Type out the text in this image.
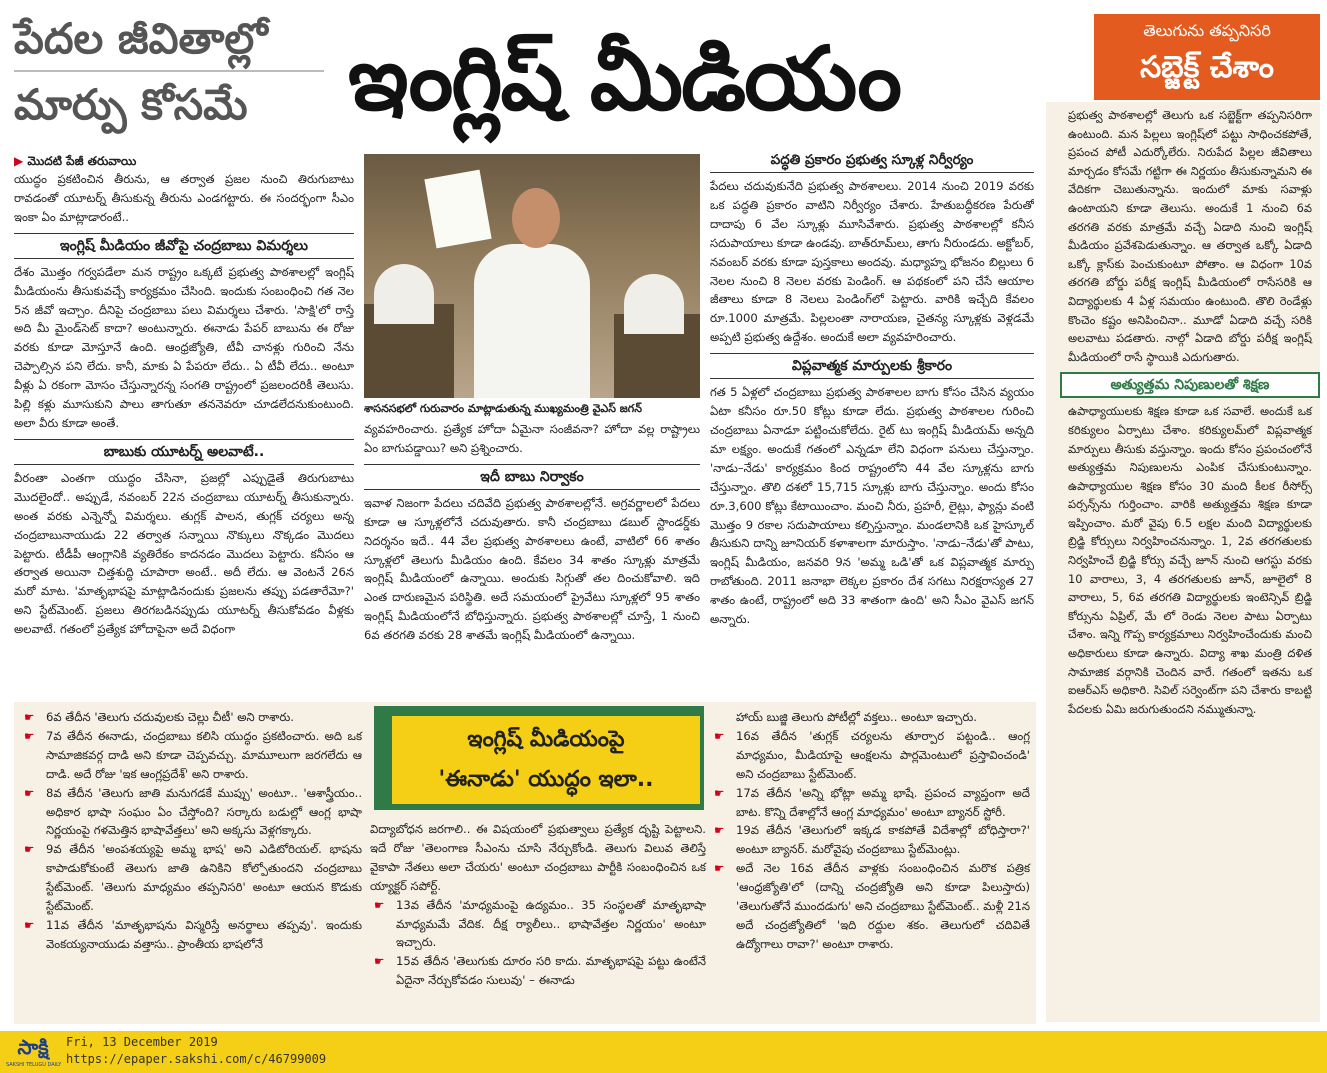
పేదల జీవితాల్లో
మార్పు కోసమే	ఇంగ్లిష్ మీడియం	తెలుగును తప్పనిసరి
సబ్జెక్ట్ చేశాం
▶ మొదటి పేజీ తరువాయి

యుద్ధం ప్రకటించిన తీరును, ఆ తర్వాత ప్రజల నుంచి తిరుగుబాటు రావడంతో యూటర్న్ తీసుకున్న తీరును ఎండగట్టారు. ఈ సందర్భంగా సీఎం ఇంకా ఏం మాట్లాడారంటే..

ఇంగ్లిష్ మీడియం జీవోపై చంద్రబాబు విమర్శలు

దేశం మొత్తం గర్వపడేలా మన రాష్ట్రం ఒక్కటే ప్రభుత్వ పాఠశాలల్లో ఇంగ్లిష్ మీడియంను తీసుకువచ్చే కార్యక్రమం చేసింది. ఇందుకు సంబంధించి గత నెల 5న జీవో ఇచ్చాం. దీనిపై చంద్రబాబు పలు విమర్శలు చేశారు. 'సాక్షి'లో రాస్తే అది మీ మైండ్‌సెట్ కాదా? అంటున్నారు. ఈనాడు పేపర్ బాబును ఈ రోజు వరకు కూడా మోస్తూనే ఉంది. ఆంధ్రజ్యోతి, టీవీ చానళ్లు గురించి నేను చెప్పాల్సిన పని లేదు. కానీ, మాకు ఏ పేపరూ లేదు.. ఏ టీవీ లేదు.. అంటూ వీళ్లు ఏ రకంగా మోసం చేస్తున్నారన్న సంగతి రాష్ట్రంలో ప్రజలందరికీ తెలుసు. పిల్లి కళ్లు మూసుకుని పాలు తాగుతూ తననెవరూ చూడలేదనుకుంటుంది. అలా వీరు కూడా అంతే.

బాబుకు యూటర్న్ అలవాటే..

వీరంతా ఎంతగా యుద్ధం చేసినా, ప్రజల్లో ఎప్పుడైతే తిరుగుబాటు మొదలైందో.. అప్పుడే, నవంబర్ 22న చంద్రబాబు యూటర్న్ తీసుకున్నారు. అంత వరకు ఎన్నెన్నో విమర్శలు. తుగ్లక్ పాలన, తుగ్లక్ చర్యలు అన్న చంద్రబాబునాయుడు 22 తర్వాత సన్నాయి నొక్కులు నొక్కడం మొదలు పెట్టారు. టీడీపీ ఆంగ్లానికి వ్యతిరేకం కాదనడం మొదలు పెట్టారు. కనీసం ఆ తర్వాత అయినా చిత్తశుద్ధి చూపారా అంటే.. అదీ లేదు. ఆ వెంటనే 26న మరో మాట. 'మాతృభాషపై మాట్లాడినందుకు ప్రజలను తప్పు పడతారేమో?' అని స్టేట్‌మెంట్. ప్రజలు తిరగబడినప్పుడు యూటర్న్ తీసుకోవడం వీళ్లకు అలవాటే. గతంలో ప్రత్యేక హోదాపైనా అదే విధంగా

శాసనసభలో గురువారం మాట్లాడుతున్న ముఖ్యమంత్రి వైఎస్ జగన్

వ్యవహరించారు. ప్రత్యేక హోదా ఏమైనా సంజీవనా? హోదా వల్ల రాష్ట్రాలు ఏం బాగుపడ్డాయి? అని ప్రశ్నించారు.

ఇదీ బాబు నిర్వాకం

ఇవాళ నిజంగా పేదలు చదివేది ప్రభుత్వ పాఠశాలల్లోనే. అగ్రవర్ణాలలో పేదలు కూడా ఆ స్కూళ్లలోనే చదువుతారు. కానీ చంద్రబాబు డబుల్ స్టాండర్డ్‌కు నిదర్శనం ఇదే.. 44 వేల ప్రభుత్వ పాఠశాలలు ఉంటే, వాటిలో 66 శాతం స్కూళ్లలో తెలుగు మీడియం ఉంది. కేవలం 34 శాతం స్కూళ్లు మాత్రమే ఇంగ్లిష్ మీడియంలో ఉన్నాయి. అందుకు సిగ్గుతో తల దించుకోవాలి. ఇది ఎంత దారుణమైన పరిస్థితి. అదే సమయంలో ప్రైవేటు స్కూళ్లలో 95 శాతం ఇంగ్లిష్ మీడియంలోనే బోధిస్తున్నారు. ప్రభుత్వ పాఠశాలల్లో చూస్తే, 1 నుంచి 6వ తరగతి వరకు 28 శాతమే ఇంగ్లిష్ మీడియంలో ఉన్నాయి.

పద్ధతి ప్రకారం ప్రభుత్వ స్కూళ్ల నిర్వీర్యం

పేదలు చదువుకునేది ప్రభుత్వ పాఠశాలలు. 2014 నుంచి 2019 వరకు ఒక పద్ధతి ప్రకారం వాటిని నిర్వీర్యం చేశారు. హేతుబద్ధీకరణ పేరుతో దాదాపు 6 వేల స్కూళ్లు మూసివేశారు. ప్రభుత్వ పాఠశాలల్లో కనీస సదుపాయాలు కూడా ఉండవు. బాత్‌రూమ్‌లు, తాగు నీరుండదు. అక్టోబర్, నవంబర్ వరకు కూడా పుస్తకాలు అందవు. మధ్యాహ్న భోజనం బిల్లులు 6 నెలల నుంచి 8 నెలల వరకు పెండింగ్. ఆ పథకంలో పని చేసే ఆయాల జీతాలు కూడా 8 నెలలు పెండింగ్‌లో పెట్టారు. వారికి ఇచ్చేది కేవలం రూ.1000 మాత్రమే. పిల్లలంతా నారాయణ, చైతన్య స్కూళ్లకు వెళ్లడమే అప్పటి ప్రభుత్వ ఉద్దేశం. అందుకే అలా వ్యవహరించారు.

విప్లవాత్మక మార్పులకు శ్రీకారం

గత 5 ఏళ్లలో చంద్రబాబు ప్రభుత్వ పాఠశాలల బాగు కోసం చేసిన వ్యయం ఏటా కనీసం రూ.50 కోట్లు కూడా లేదు. ప్రభుత్వ పాఠశాలల గురించి చంద్రబాబు ఏనాడూ పట్టించుకోలేదు. రైట్ టు ఇంగ్లిష్ మీడియమ్ అన్నది మా లక్ష్యం. అందుకే గతంలో ఎన్నడూ లేని విధంగా పనులు చేస్తున్నాం. 'నాడు–నేడు' కార్యక్రమం కింద రాష్ట్రంలోని 44 వేల స్కూళ్లను బాగు చేస్తున్నాం. తొలి దశలో 15,715 స్కూళ్లు బాగు చేస్తున్నాం. అందు కోసం రూ.3,600 కోట్లు కేటాయించాం. మంచి నీరు, ప్రహరీ, లైట్లు, ఫ్యాన్లు వంటి మొత్తం 9 రకాల సదుపాయాలు కల్పిస్తున్నాం. మండలానికి ఒక హైస్కూల్ తీసుకుని దాన్ని జూనియర్ కళాశాలగా మారుస్తాం. 'నాడు–నేడు'తో పాటు, ఇంగ్లిష్ మీడియం, జనవరి 9న 'అమ్మ ఒడి'తో ఒక విప్లవాత్మక మార్పు రాబోతుంది. 2011 జనాభా లెక్కల ప్రకారం దేశ సగటు నిరక్షరాస్యత 27 శాతం ఉంటే, రాష్ట్రంలో అది 33 శాతంగా ఉంది' అని సీఎం వైఎస్ జగన్ అన్నారు.

ప్రభుత్వ పాఠశాలల్లో తెలుగు ఒక సబ్జెక్ట్‌గా తప్పనిసరిగా ఉంటుంది. మన పిల్లలు ఇంగ్లిష్‌లో పట్టు సాధించకపోతే, ప్రపంచ పోటీ ఎదుర్కోలేరు. నిరుపేద పిల్లల జీవితాలు మార్చడం కోసమే గట్టిగా ఈ నిర్ణయం తీసుకున్నామని ఈ వేదికగా చెబుతున్నాను. ఇందులో మాకు సవాళ్లు ఉంటాయని కూడా తెలుసు. అందుకే 1 నుంచి 6వ తరగతి వరకు మాత్రమే వచ్చే ఏడాది నుంచి ఇంగ్లిష్ మీడియం ప్రవేశపెడుతున్నాం. ఆ తర్వాత ఒక్కో ఏడాది ఒక్కో క్లాస్‌కు పెంచుకుంటూ పోతాం. ఆ విధంగా 10వ తరగతి బోర్డు పరీక్ష ఇంగ్లిష్ మీడియంలో రాసేసరికి ఆ విద్యార్థులకు 4 ఏళ్ల సమయం ఉంటుంది. తొలి రెండేళ్లు కొంచెం కష్టం అనిపించినా.. మూడో ఏడాది వచ్చే సరికి అలవాటు పడతారు. నాల్గో ఏడాది బోర్డు పరీక్ష ఇంగ్లిష్ మీడియంలో రాసే స్థాయికి ఎదుగుతారు.

అత్యుత్తమ నిపుణులతో శిక్షణ

ఉపాధ్యాయులకు శిక్షణ కూడా ఒక సవాలే. అందుకే ఒక కరిక్యులం ఏర్పాటు చేశాం. కరిక్యులమ్‌లో విప్లవాత్మక మార్పులు తీసుకు వస్తున్నాం. ఇందు కోసం ప్రపంచంలోనే అత్యుత్తమ నిపుణులను ఎంపిక చేసుకుంటున్నాం. ఉపాధ్యాయుల శిక్షణ కోసం 30 మంది కీలక రీసోర్స్ పర్సన్స్‌ను గుర్తించాం. వారికి అత్యుత్తమ శిక్షణ కూడా ఇప్పించాం. మరో వైపు 6.5 లక్షల మంది విద్యార్థులకు బ్రిడ్జి కోర్సులు నిర్వహించనున్నాం. 1, 2వ తరగతులకు నిర్వహించే బ్రిడ్జి కోర్సు వచ్చే జూన్ నుంచి ఆగస్టు వరకు 10 వారాలు, 3, 4 తరగతులకు జూన్, జూలైలో 8 వారాలు, 5, 6వ తరగతి విద్యార్థులకు ఇంటెన్సివ్ బ్రిడ్జి కోర్సును ఏప్రిల్, మే లో రెండు నెలల పాటు ఏర్పాటు చేశాం. ఇన్ని గొప్ప కార్యక్రమాలు నిర్వహించేందుకు మంచి అధికారులు కూడా ఉన్నారు. విద్యా శాఖ మంత్రి దళిత సామాజిక వర్గానికి చెందిన వారే. గతంలో ఇతను ఒక ఐఆర్‌ఎస్ అధికారి. సివిల్ సర్వెంట్‌గా పని చేశారు కాబట్టి పేదలకు ఏమి జరుగుతుందని నమ్ముతున్నా.

☛ 6వ తేదీన 'తెలుగు చదువులకు చెల్లు చీటీ' అని రాశారు.
☛ 7వ తేదీన ఈనాడు, చంద్రబాబు కలిసి యుద్ధం ప్రకటించారు. అది ఒక సామాజికవర్గ దాడి అని కూడా చెప్పవచ్చు. మామూలుగా జరగలేదు ఆ దాడి. అదే రోజు 'ఇక ఆంగ్లప్రదేశ్' అని రాశారు.
☛ 8వ తేదీన 'తెలుగు జాతి మనుగడకే ముప్పు' అంటూ.. 'ఆశాస్త్రీయం.. అధికార భాషా సంఘం ఏం చేస్తోంది? సర్కారు బడుల్లో ఆంగ్ల భాషా నిర్ణయంపై గళమెత్తిన భాషావేత్తలు' అని అక్కసు వెళ్లగక్కారు.
☛ 9వ తేదీన 'అంపశయ్యపై అమ్మ భాష' అని ఎడిటోరియల్. భాషను కాపాడుకోకుంటే తెలుగు జాతి ఉనికిని కోల్పోతుందని చంద్రబాబు స్టేట్‌మెంట్. 'తెలుగు మాధ్యమం తప్పనిసరి' అంటూ ఆయన కొడుకు స్టేట్‌మెంట్.
☛ 11వ తేదీన 'మాతృభాషను విస్మరిస్తే అనర్థాలు తప్పవు'. ఇందుకు వెంకయ్యనాయుడు వత్తాసు.. ప్రాంతీయ భాషలోనే
ఇంగ్లిష్ మీడియంపై
'ఈనాడు' యుద్ధం ఇలా..
విద్యాబోధన జరగాలి.. ఈ విషయంలో ప్రభుత్వాలు ప్రత్యేక దృష్టి పెట్టాలని. ఇదే రోజు 'తెలంగాణ సీఎంను చూసి నేర్చుకోండి. తెలుగు విలువ తెలిస్తే వైకాపా నేతలు అలా చేయరు' అంటూ చంద్రబాబు పార్టీకి సంబంధించిన ఒక య్యాక్టర్ సపోర్ట్.
☛ 13వ తేదీన 'మాధ్యమంపై ఉద్యమం.. 35 సంస్థలతో మాతృభాషా మాధ్యమమే వేదిక. దీక్ష ర్యాలీలు.. భాషావేత్తల నిర్ణయం' అంటూ ఇచ్చారు.
☛ 15వ తేదీన 'తెలుగుకు దూరం సరి కాదు. మాతృభాషపై పట్టు ఉంటేనే ఏదైనా నేర్చుకోవడం సులువు' – ఈనాడు
హాయ్ బుజ్జి తెలుగు పోటీల్లో వక్తలు.. అంటూ ఇచ్చారు.
☛ 16వ తేదీన 'తుగ్లక్ చర్యలను తూర్పార పట్టండి.. ఆంగ్ల మాధ్యమం, మీడియాపై ఆంక్షలను పార్లమెంటులో ప్రస్తావించండి' అని చంద్రబాబు స్టేట్‌మెంట్.
☛ 17వ తేదీన 'అన్ని భోట్లా అమ్మ భాషే. ప్రపంచ వ్యాప్తంగా అదే బాట. కొన్ని దేశాల్లోనే ఆంగ్ల మాధ్యమం' అంటూ బ్యానర్ స్టోరీ.
☛ 19వ తేదీన 'తెలుగులో ఇక్కడ కాకపోతే విదేశాల్లో బోధిస్తారా?' అంటూ బ్యానర్. మరోవైపు చంద్రబాబు స్టేట్‌మెంట్లు.
☛ అదే నెల 16వ తేదీన వాళ్లకు సంబంధించిన మరొక పత్రిక 'ఆంధ్రజ్యోతి'లో (దాన్ని చంద్రజ్యోతి అని కూడా పిలుస్తారు) 'తెలుగుతోనే ముందడుగు' అని చంద్రబాబు స్టేట్‌మెంట్.. మళ్లీ 21న అదే చంద్రజ్యోతిలో 'ఇది రద్దుల శకం. తెలుగులో చదివితే ఉద్యోగాలు రావా?' అంటూ రాశారు.
సాక్షి
SAKSHI TELUGU DAILY
Fri, 13 December 2019
https://epaper.sakshi.com/c/46799009
